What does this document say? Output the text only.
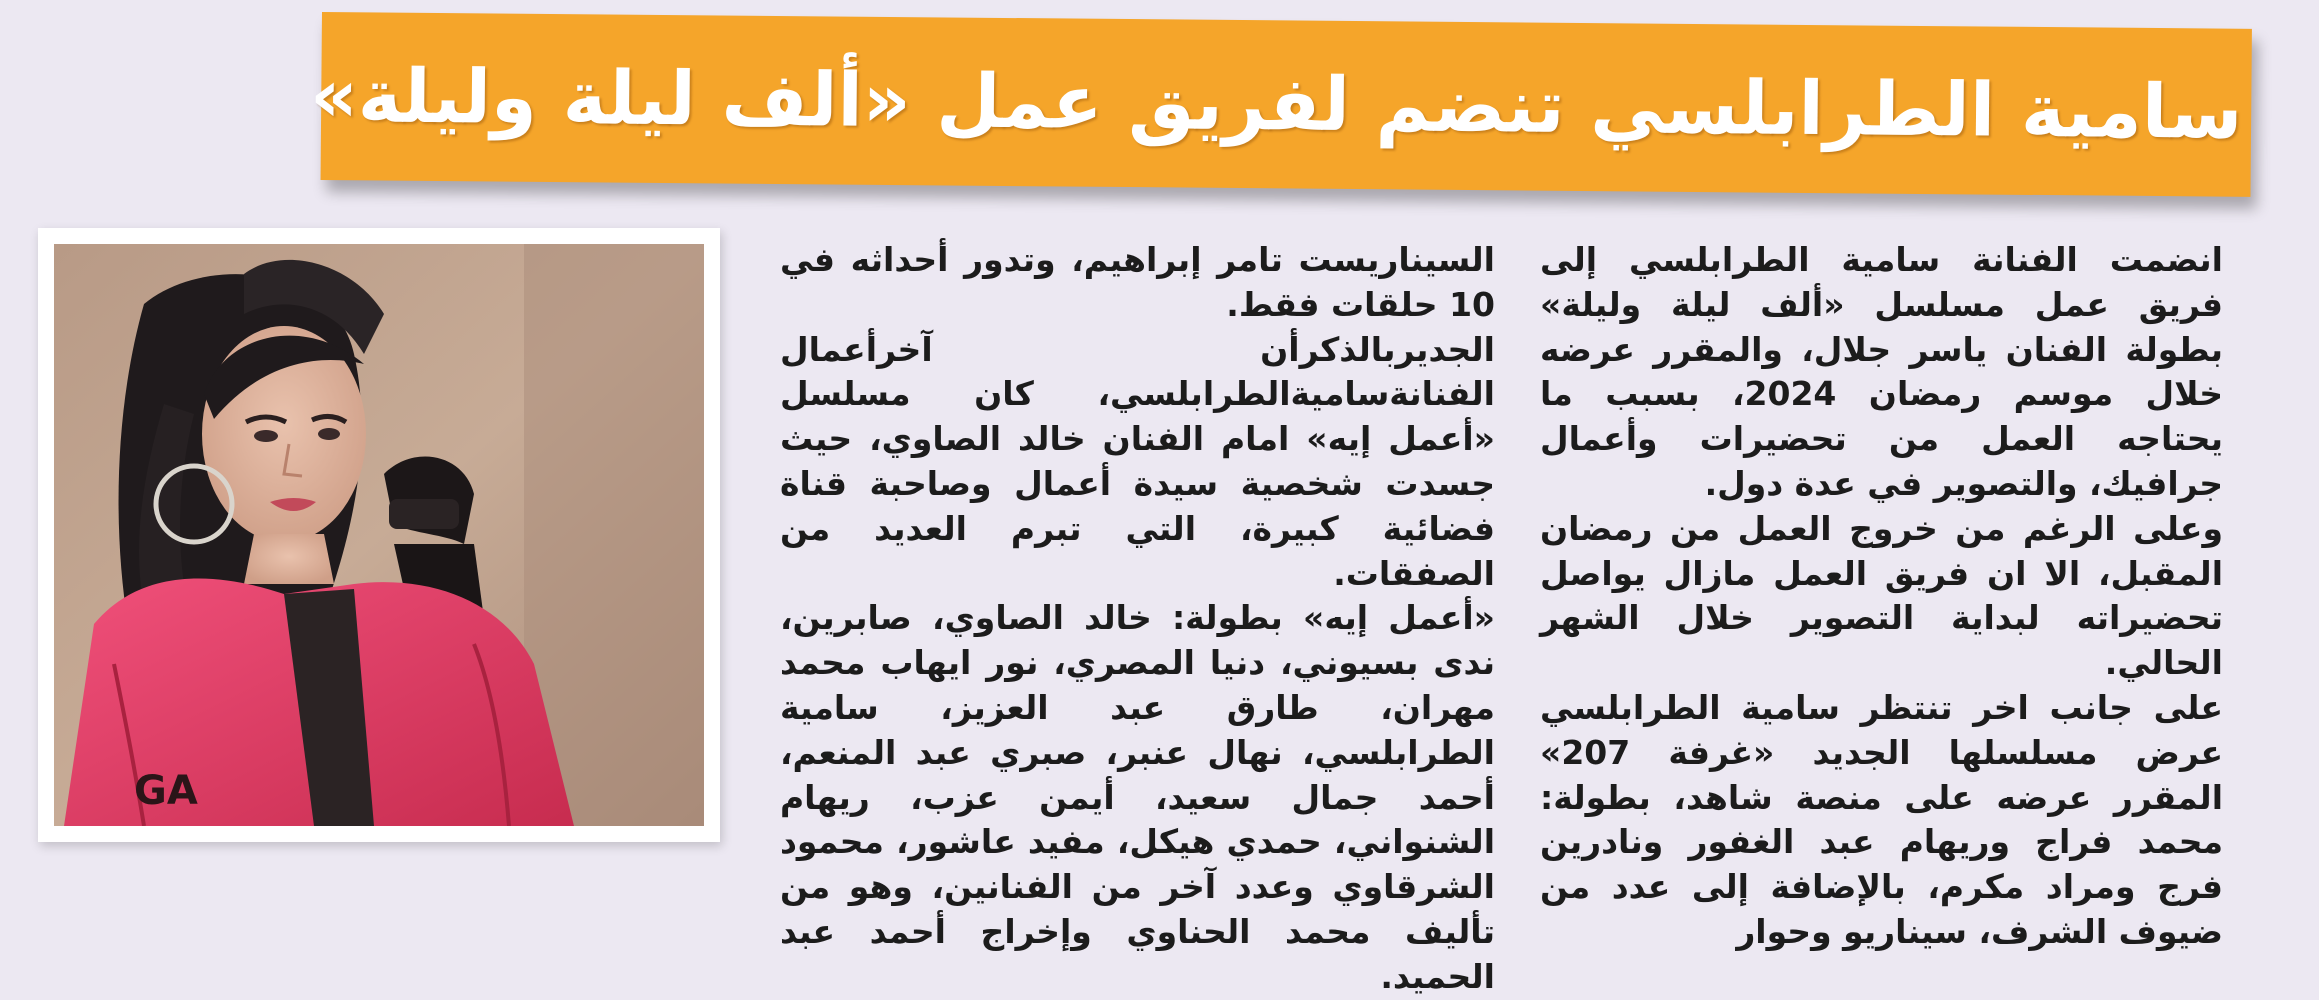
سامية الطرابلسي تنضم لفريق عمل «ألف ليلة وليلة»
GA

انضمت الفنانة سامية الطرابلسي إلى فريق عمل مسلسل «ألف ليلة وليلة» بطولة الفنان ياسر جلال، والمقرر عرضه خلال موسم رمضان 2024، بسبب ما يحتاجه العمل من تحضيرات وأعمال جرافيك، والتصوير في عدة دول.

وعلى الرغم من خروج العمل من رمضان المقبل، الا ان فريق العمل مازال يواصل تحضيراته لبداية التصوير خلال الشهر الحالي.

على جانب اخر تنتظر سامية الطرابلسي عرض مسلسلها الجديد «غرفة 207» المقرر عرضه على منصة شاهد، بطولة: محمد فراج وريهام عبد الغفور ونادرين فرج ومراد مكرم، بالإضافة إلى عدد من ضيوف الشرف، سيناريو وحوار

السيناريست تامر إبراهيم، وتدور أحداثه في 10 حلقات فقط.

الجديربالذكرأن آخرأعمال الفنانةساميةالطرابلسي، كان مسلسل «أعمل إيه» امام الفنان خالد الصاوي، حيث جسدت شخصية سيدة أعمال وصاحبة قناة فضائية كبيرة، التي تبرم العديد من الصفقات.

«أعمل إيه» بطولة: خالد الصاوي، صابرين، ندى بسيوني، دنيا المصري، نور ايهاب محمد مهران، طارق عبد العزيز، سامية الطرابلسي، نهال عنبر، صبري عبد المنعم، أحمد جمال سعيد، أيمن عزب، ريهام الشنواني، حمدي هيكل، مفيد عاشور، محمود الشرقاوي وعدد آخر من الفنانين، وهو من تأليف محمد الحناوي وإخراج أحمد عبد الحميد.
